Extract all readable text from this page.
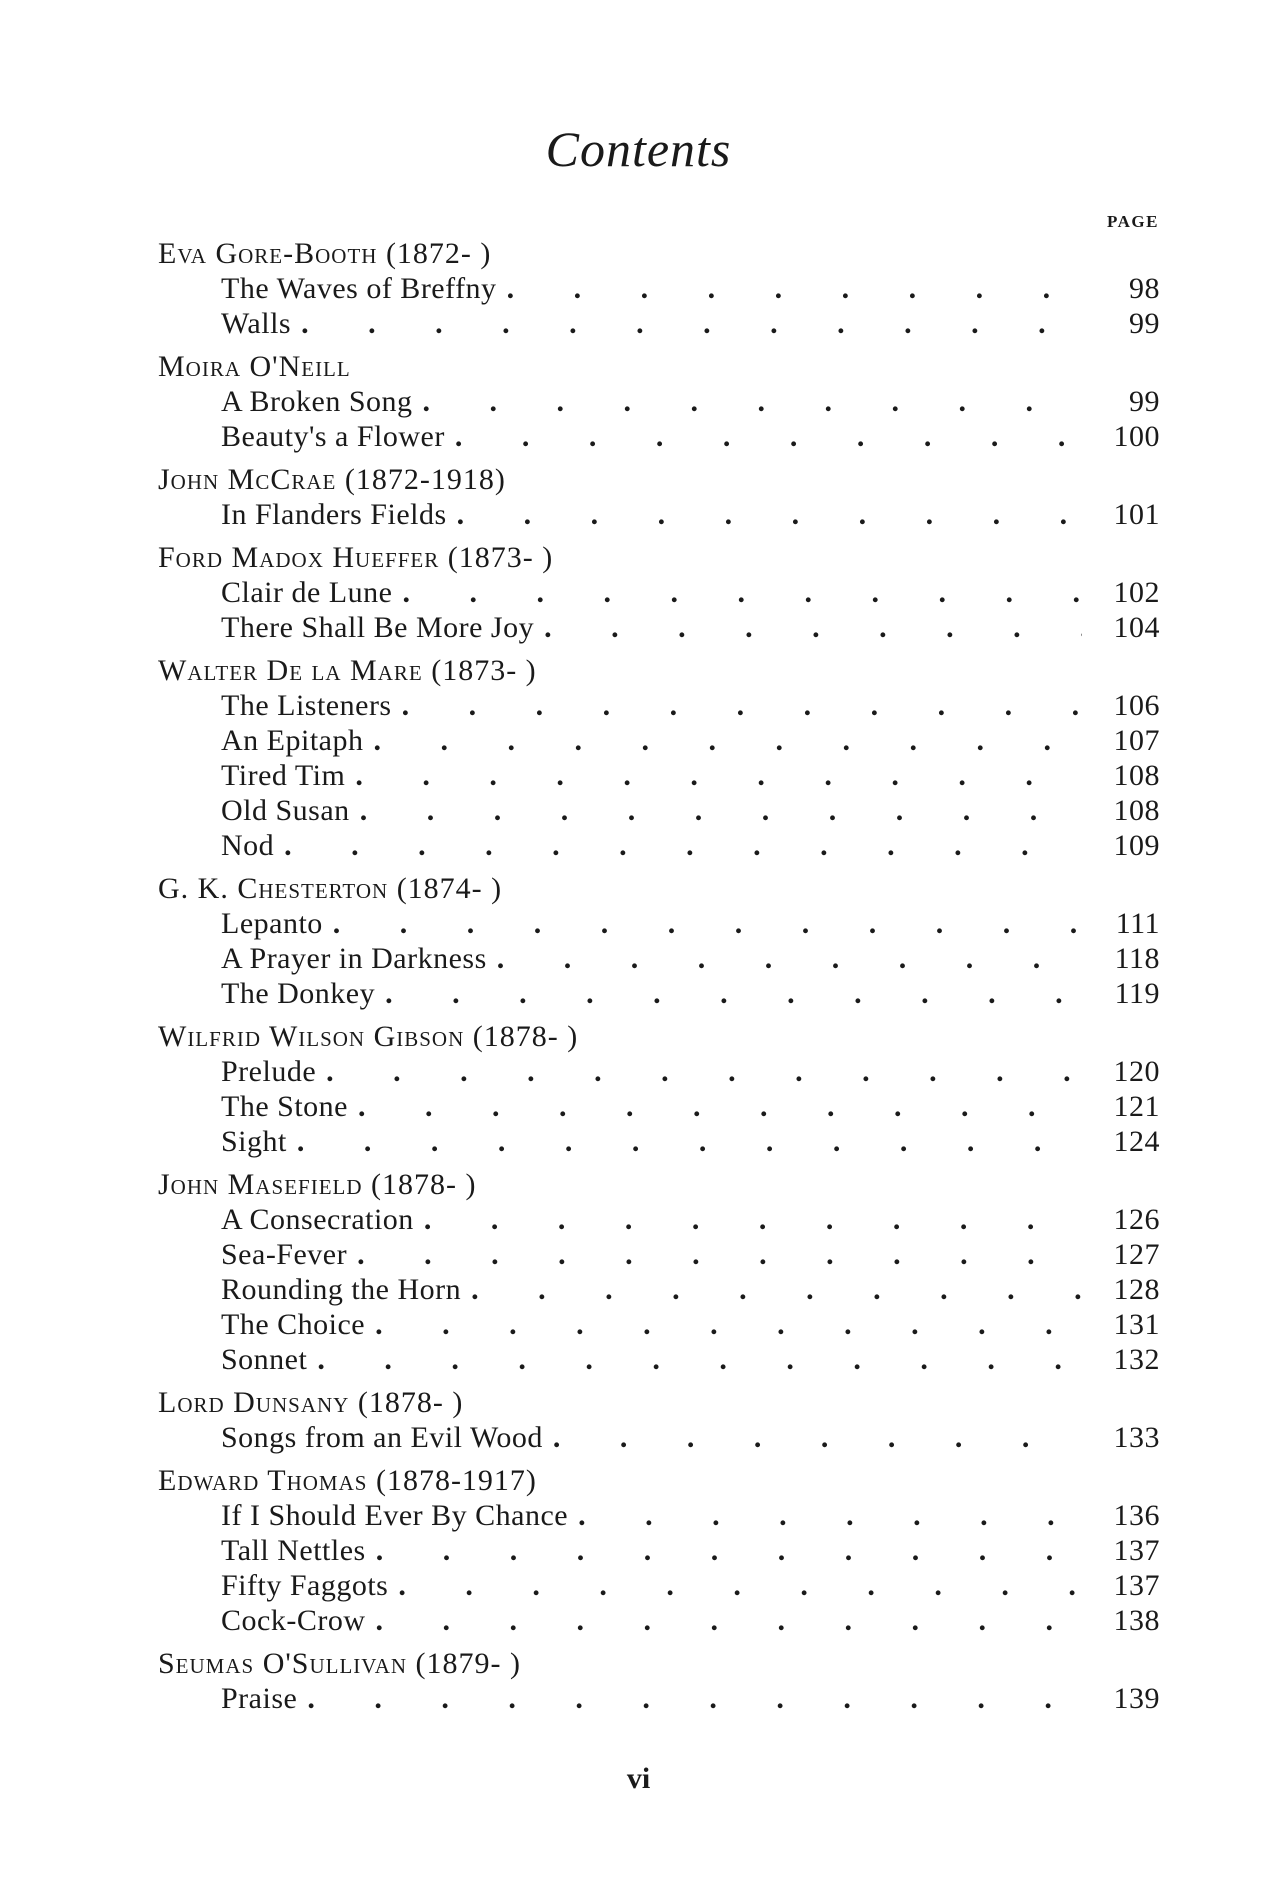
Contents
PAGE
Eva Gore-Booth (1872- )
The Waves of Breffny . . .	98
Walls . . .	99
Moira O'Neill
A Broken Song . . .	99
Beauty's a Flower . . .	100
John McCrae (1872-1918)
In Flanders Fields . . .	101
Ford Madox Hueffer (1873- )
Clair de Lune . . .	102
There Shall Be More Joy . . .	104
Walter De la Mare (1873- )
The Listeners . . .	106
An Epitaph . . .	107
Tired Tim . . .	108
Old Susan . . .	108
Nod . . .	109
G. K. Chesterton (1874- )
Lepanto . . .	111
A Prayer in Darkness . . .	118
The Donkey . . .	119
Wilfrid Wilson Gibson (1878- )
Prelude . . .	120
The Stone . . .	121
Sight . . .	124
John Masefield (1878- )
A Consecration . . .	126
Sea-Fever . . .	127
Rounding the Horn . . .	128
The Choice . . .	131
Sonnet . . .	132
Lord Dunsany (1878- )
Songs from an Evil Wood . . .	133
Edward Thomas (1878-1917)
If I Should Ever By Chance . . .	136
Tall Nettles . . .	137
Fifty Faggots . . .	137
Cock-Crow . . .	138
Seumas O'Sullivan (1879- )
Praise . . .	139
vi
